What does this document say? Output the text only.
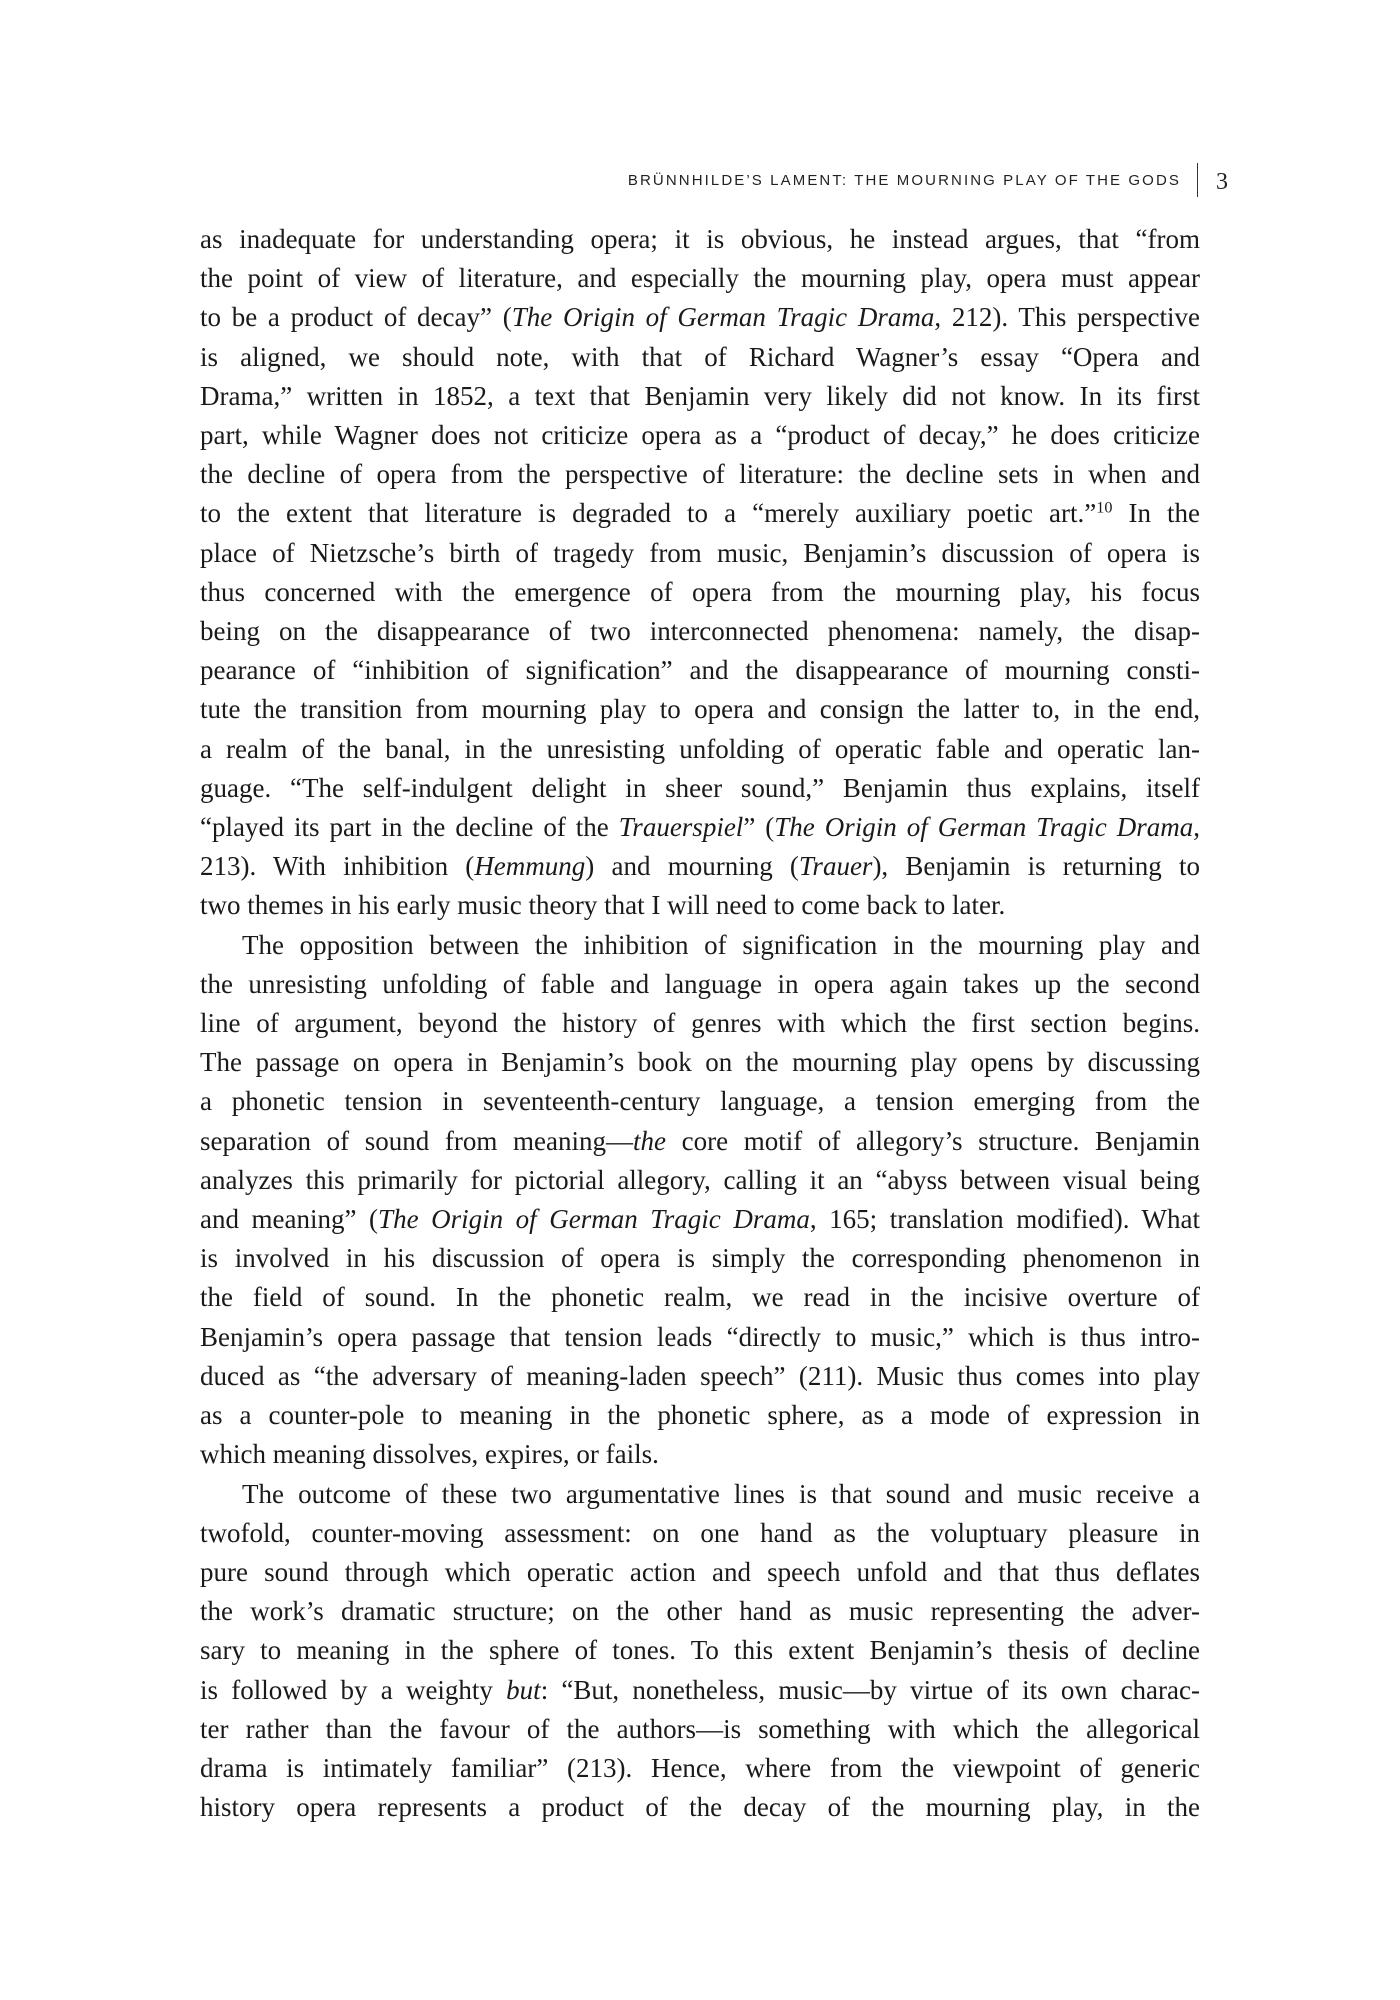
BRÜNNHILDE’S LAMENT: THE MOURNING PLAY OF THE GODS 3
as inadequate for understanding opera; it is obvious, he instead argues, that “from
the point of view of literature, and especially the mourning play, opera must appear
to be a product of decay” (The Origin of German Tragic Drama, 212). This perspective
is aligned, we should note, with that of Richard Wagner’s essay “Opera and
Drama,” written in 1852, a text that Benjamin very likely did not know. In its first
part, while Wagner does not criticize opera as a “product of decay,” he does criticize
the decline of opera from the perspective of literature: the decline sets in when and
to the extent that literature is degraded to a “merely auxiliary poetic art.”$^{10}$ In the
place of Nietzsche’s birth of tragedy from music, Benjamin’s discussion of opera is
thus concerned with the emergence of opera from the mourning play, his focus
being on the disappearance of two interconnected phenomena: namely, the disap-
pearance of “inhibition of signification” and the disappearance of mourning consti-
tute the transition from mourning play to opera and consign the latter to, in the end,
a realm of the banal, in the unresisting unfolding of operatic fable and operatic lan-
guage. “The self-indulgent delight in sheer sound,” Benjamin thus explains, itself
“played its part in the decline of the Trauerspiel” (The Origin of German Tragic Drama,
213). With inhibition (Hemmung) and mourning (Trauer), Benjamin is returning to
two themes in his early music theory that I will need to come back to later.
The opposition between the inhibition of signification in the mourning play and
the unresisting unfolding of fable and language in opera again takes up the second
line of argument, beyond the history of genres with which the first section begins.
The passage on opera in Benjamin’s book on the mourning play opens by discussing
a phonetic tension in seventeenth-century language, a tension emerging from the
separation of sound from meaning—the core motif of allegory’s structure. Benjamin
analyzes this primarily for pictorial allegory, calling it an “abyss between visual being
and meaning” (The Origin of German Tragic Drama, 165; translation modified). What
is involved in his discussion of opera is simply the corresponding phenomenon in
the field of sound. In the phonetic realm, we read in the incisive overture of
Benjamin’s opera passage that tension leads “directly to music,” which is thus intro-
duced as “the adversary of meaning-laden speech” (211). Music thus comes into play
as a counter-pole to meaning in the phonetic sphere, as a mode of expression in
which meaning dissolves, expires, or fails.
The outcome of these two argumentative lines is that sound and music receive a
twofold, counter-moving assessment: on one hand as the voluptuary pleasure in
pure sound through which operatic action and speech unfold and that thus deflates
the work’s dramatic structure; on the other hand as music representing the adver-
sary to meaning in the sphere of tones. To this extent Benjamin’s thesis of decline
is followed by a weighty but: “But, nonetheless, music—by virtue of its own charac-
ter rather than the favour of the authors—is something with which the allegorical
drama is intimately familiar” (213). Hence, where from the viewpoint of generic
history opera represents a product of the decay of the mourning play, in the
